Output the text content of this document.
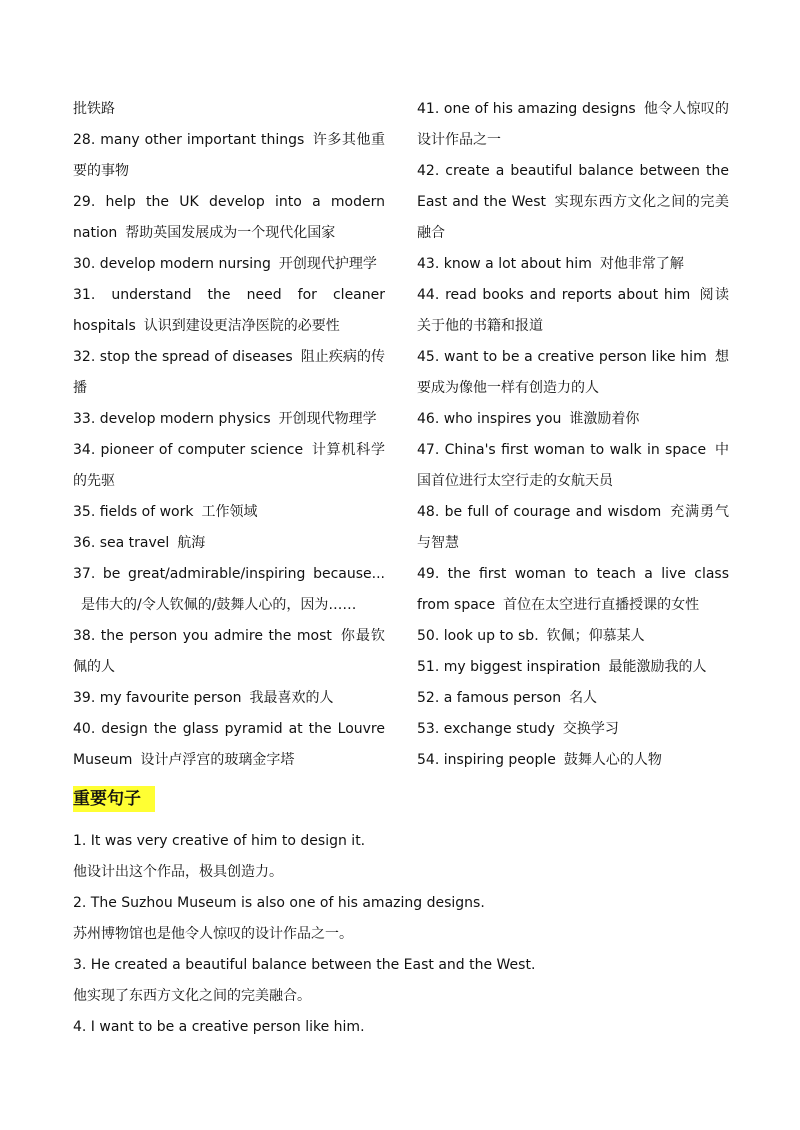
批铁路

28. many other important things 许多其他重要的事物

29. help the UK develop into a modern nation 帮助英国发展成为一个现代化国家

30. develop modern nursing 开创现代护理学

31. understand the need for cleaner hospitals 认识到建设更洁净医院的必要性

32. stop the spread of diseases 阻止疾病的传播

33. develop modern physics 开创现代物理学

34. pioneer of computer science 计算机科学的先驱

35. fields of work 工作领域

36. sea travel 航海

37. be great/admirable/inspiring because...是伟大的/令人钦佩的/鼓舞人心的，因为……

38. the person you admire the most 你最钦佩的人

39. my favourite person 我最喜欢的人

40. design the glass pyramid at the Louvre Museum 设计卢浮宫的玻璃金字塔

41. one of his amazing designs 他令人惊叹的设计作品之一

42. create a beautiful balance between the East and the West 实现东西方文化之间的完美融合

43. know a lot about him 对他非常了解

44. read books and reports about him 阅读关于他的书籍和报道

45. want to be a creative person like him 想要成为像他一样有创造力的人

46. who inspires you 谁激励着你

47. China's first woman to walk in space 中国首位进行太空行走的女航天员

48. be full of courage and wisdom 充满勇气与智慧

49. the first woman to teach a live class from space 首位在太空进行直播授课的女性

50. look up to sb. 钦佩；仰慕某人

51. my biggest inspiration 最能激励我的人

52. a famous person 名人

53. exchange study 交换学习

54. inspiring people 鼓舞人心的人物

重要句子

1. It was very creative of him to design it.

他设计出这个作品，极具创造力。

2. The Suzhou Museum is also one of his amazing designs.

苏州博物馆也是他令人惊叹的设计作品之一。

3. He created a beautiful balance between the East and the West.

他实现了东西方文化之间的完美融合。

4. I want to be a creative person like him.
